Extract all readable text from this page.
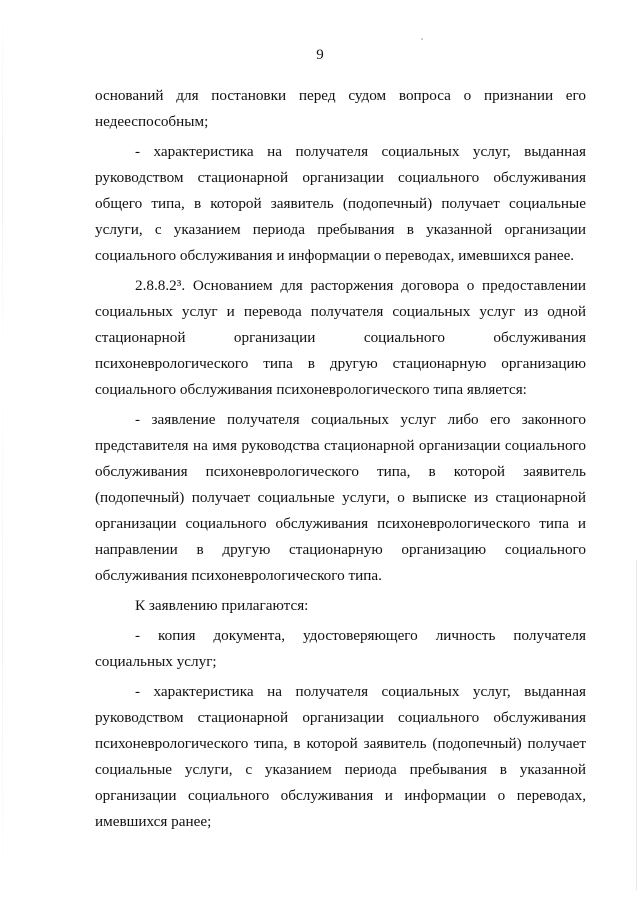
9
оснований для постановки перед судом вопроса о признании его
недееспособным;
- характеристика на получателя социальных услуг, выданная
руководством стационарной организации социального обслуживания
общего типа, в которой заявитель (подопечный) получает социальные
услуги, с указанием периода пребывания в указанной организации
социального обслуживания и информации о переводах, имевшихся ранее.
2.8.8.2³. Основанием для расторжения договора о предоставлении
социальных услуг и перевода получателя социальных услуг из одной
стационарной организации социального обслуживания
психоневрологического типа в другую стационарную организацию
социального обслуживания психоневрологического типа является:
- заявление получателя социальных услуг либо его законного
представителя на имя руководства стационарной организации социального
обслуживания психоневрологического типа, в которой заявитель
(подопечный) получает социальные услуги, о выписке из стационарной
организации социального обслуживания психоневрологического типа и
направлении в другую стационарную организацию социального
обслуживания психоневрологического типа.
К заявлению прилагаются:
- копия документа, удостоверяющего личность получателя
социальных услуг;
- характеристика на получателя социальных услуг, выданная
руководством стационарной организации социального обслуживания
психоневрологического типа, в которой заявитель (подопечный) получает
социальные услуги, с указанием периода пребывания в указанной
организации социального обслуживания и информации о переводах,
имевшихся ранее;
